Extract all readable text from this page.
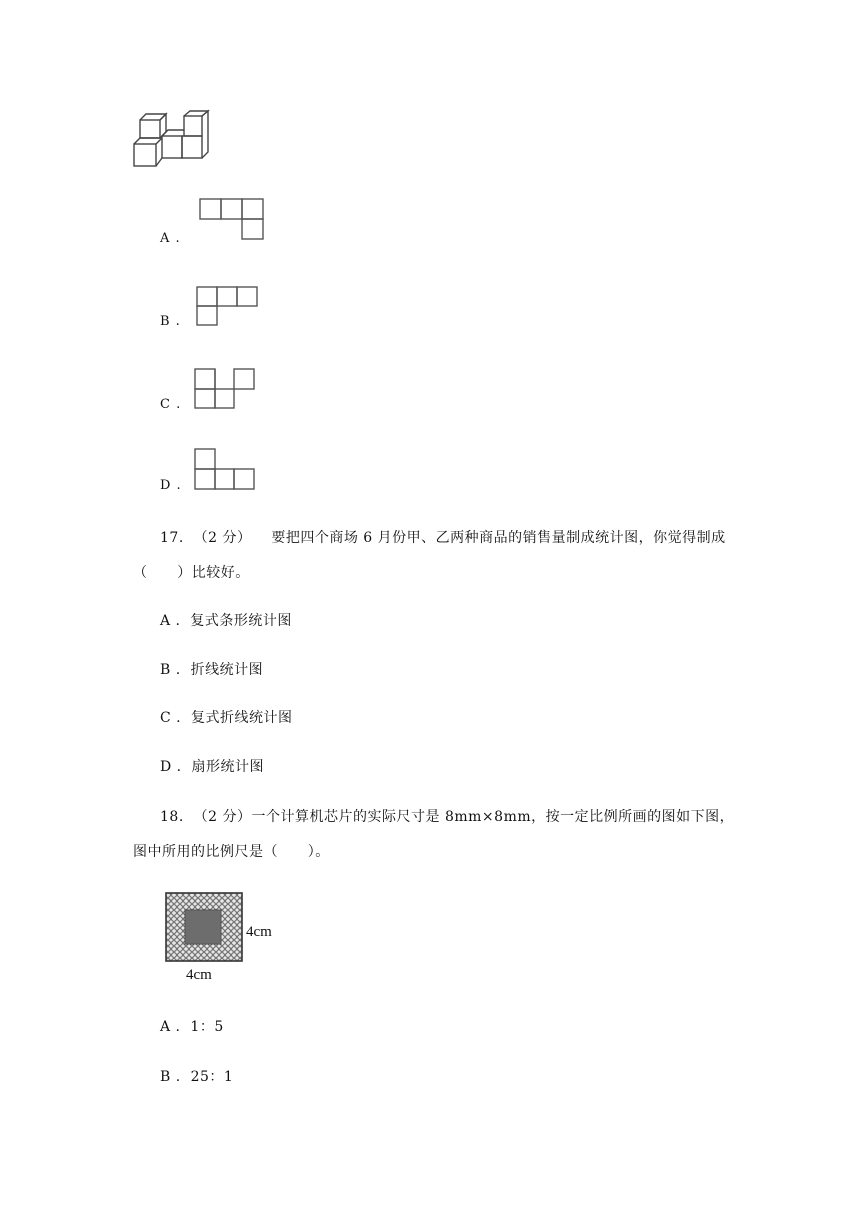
A .
B .
C .
D .
17.  （2 分）    要把四个商场 6 月份甲、乙两种商品的销售量制成统计图，你觉得制成
（      ）比较好。
A .  复式条形统计图
B .  折线统计图
C .  复式折线统计图
D .  扇形统计图
18.  （2 分）一个计算机芯片的实际尺寸是 8mm×8mm，按一定比例所画的图如下图，
图中所用的比例尺是（      ）。
4cm
4cm
A .  1：5
B .  25：1
